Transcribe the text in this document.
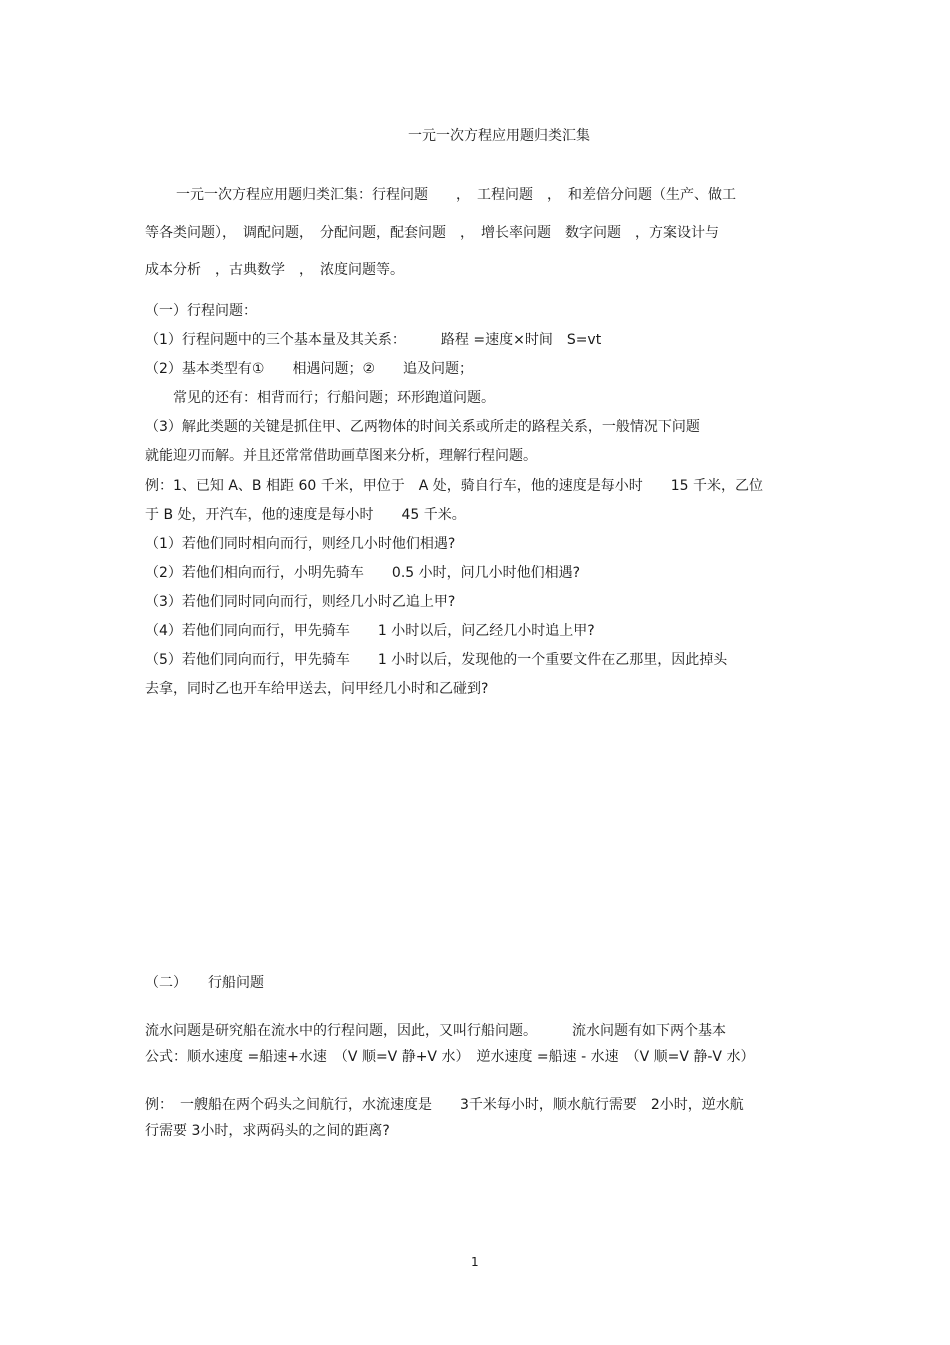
一元一次方程应用题归类汇集
一元一次方程应用题归类汇集：行程问题　　，　工程问题　，　和差倍分问题（生产、做工
等各类问题），　调配问题，　分配问题，配套问题　，　增长率问题　数字问题　，方案设计与
成本分析　，古典数学　，　浓度问题等。
（一）行程问题：
（1）行程问题中的三个基本量及其关系：　　　路程 =速度×时间　S=vt
（2）基本类型有①　　相遇问题；②　　追及问题；
　　常见的还有：相背而行；行船问题；环形跑道问题。
（3）解此类题的关键是抓住甲、乙两物体的时间关系或所走的路程关系，一般情况下问题
就能迎刃而解。并且还常常借助画草图来分析，理解行程问题。
例：1、已知 A、B 相距 60 千米，甲位于　A 处，骑自行车，他的速度是每小时　　15 千米，乙位
于 B 处，开汽车，他的速度是每小时　　45 千米。
（1）若他们同时相向而行，则经几小时他们相遇?
（2）若他们相向而行，小明先骑车　　0.5 小时，问几小时他们相遇?
（3）若他们同时同向而行，则经几小时乙追上甲?
（4）若他们同向而行，甲先骑车　　1 小时以后，问乙经几小时追上甲?
（5）若他们同向而行，甲先骑车　　1 小时以后，发现他的一个重要文件在乙那里，因此掉头
去拿，同时乙也开车给甲送去，问甲经几小时和乙碰到?
（二）　　行船问题
流水问题是研究船在流水中的行程问题，因此，又叫行船问题。　　　流水问题有如下两个基本
公式：顺水速度 =船速+水速　（V 顺=V 静+V 水）　逆水速度 =船速 - 水速　（V 顺=V 静-V 水）
例：　一艘船在两个码头之间航行，水流速度是　　3千米每小时，顺水航行需要　2小时，逆水航
行需要 3小时，求两码头的之间的距离?
1
